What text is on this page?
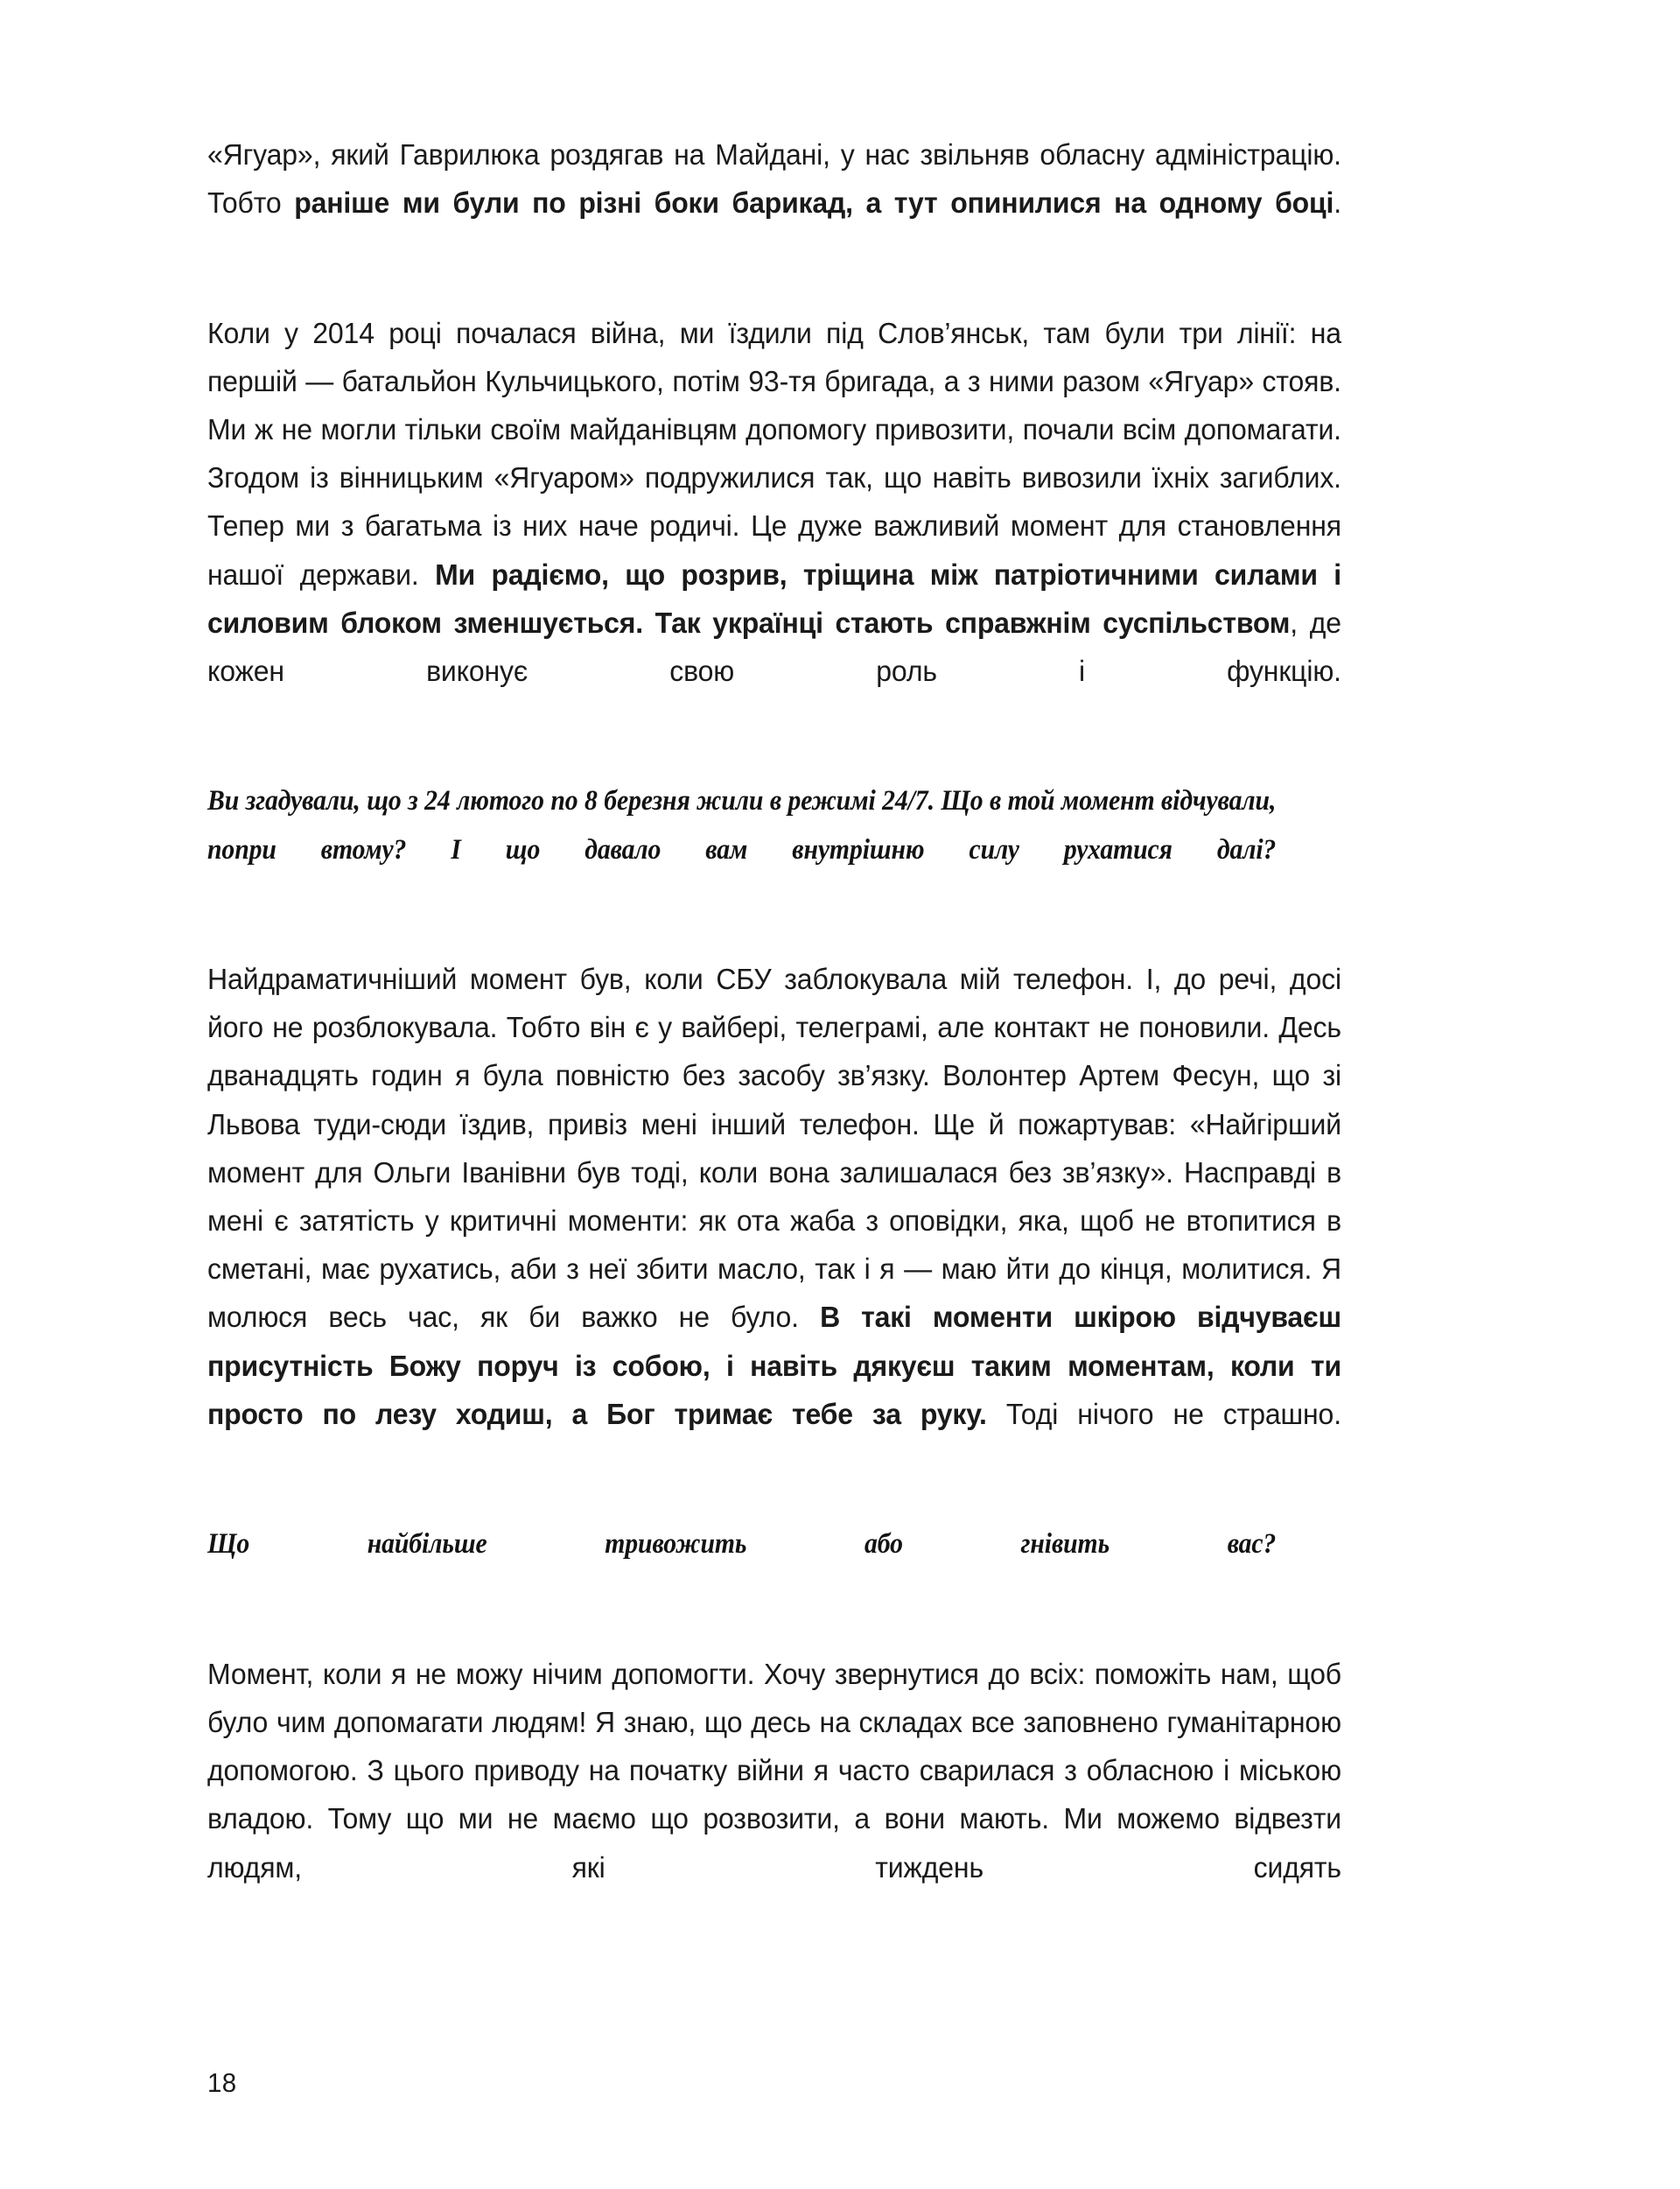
«Ягуар», який Гаврилюка роздягав на Майдані, у нас звільняв обласну адміністрацію. Тобто раніше ми були по різні боки барикад, а тут опинилися на одному боці.

Коли у 2014 році почалася війна, ми їздили під Слов’янськ, там були три лінії: на першій — батальйон Кульчицького, потім 93-тя бригада, а з ними разом «Ягуар» стояв. Ми ж не могли тільки своїм майданівцям допомогу привозити, почали всім допомагати. Згодом із вінницьким «Ягуаром» подружилися так, що навіть вивозили їхніх загиблих. Тепер ми з багатьма із них наче родичі. Це дуже важливий момент для становлення нашої держави. Ми радіємо, що розрив, тріщина між патріотичними силами і силовим блоком зменшується. Так українці стають справжнім суспільством, де кожен виконує свою роль і функцію.

Ви згадували, що з 24 лютого по 8 березня жили в режимі 24/7. Що в той момент відчували, попри втому? І що давало вам внутрішню силу рухатися далі?

Найдраматичніший момент був, коли СБУ заблокувала мій телефон. І, до речі, досі його не розблокувала. Тобто він є у вайбері, телеграмі, але контакт не поновили. Десь дванадцять годин я була повністю без засобу зв’язку. Волонтер Артем Фесун, що зі Львова туди-сюди їздив, привіз мені інший телефон. Ще й пожартував: «Найгірший момент для Ольги Іванівни був тоді, коли вона залишалася без зв’язку». Насправді в мені є затятість у критичні моменти: як ота жаба з оповідки, яка, щоб не втопитися в сметані, має рухатись, аби з неї збити масло, так і я — маю йти до кінця, молитися. Я молюся весь час, як би важко не було. В такі моменти шкірою відчуваєш присутність Божу поруч із собою, і навіть дякуєш таким моментам, коли ти просто по лезу ходиш, а Бог тримає тебе за руку. Тоді нічого не страшно.

Що найбільше тривожить або гнівить вас?

Момент, коли я не можу нічим допомогти. Хочу звернутися до всіх: поможіть нам, щоб було чим допомагати людям! Я знаю, що десь на складах все заповнено гуманітарною допомогою. З цього приводу на початку війни я часто сварилася з обласною і міською владою. Тому що ми не маємо що розвозити, а вони мають. Ми можемо відвезти людям, які тиждень сидять

18
